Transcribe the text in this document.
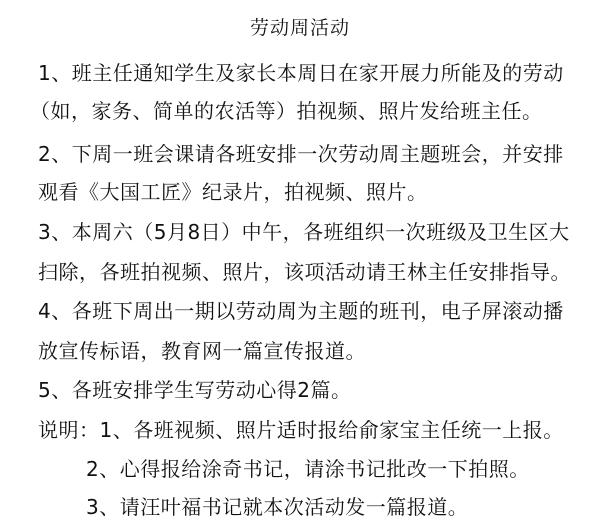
劳动周活动
1、班主任通知学生及家长本周日在家开展力所能及的劳动
（如，家务、简单的农活等）拍视频、照片发给班主任。
2、下周一班会课请各班安排一次劳动周主题班会，并安排
观看《大国工匠》纪录片，拍视频、照片。
3、本周六（5月8日）中午，各班组织一次班级及卫生区大
扫除，各班拍视频、照片，该项活动请王林主任安排指导。
4、各班下周出一期以劳动周为主题的班刊，电子屏滚动播
放宣传标语，教育网一篇宣传报道。
5、各班安排学生写劳动心得2篇。
说明：1、各班视频、照片适时报给俞家宝主任统一上报。
2、心得报给涂奇书记，请涂书记批改一下拍照。
3、请汪叶福书记就本次活动发一篇报道。
